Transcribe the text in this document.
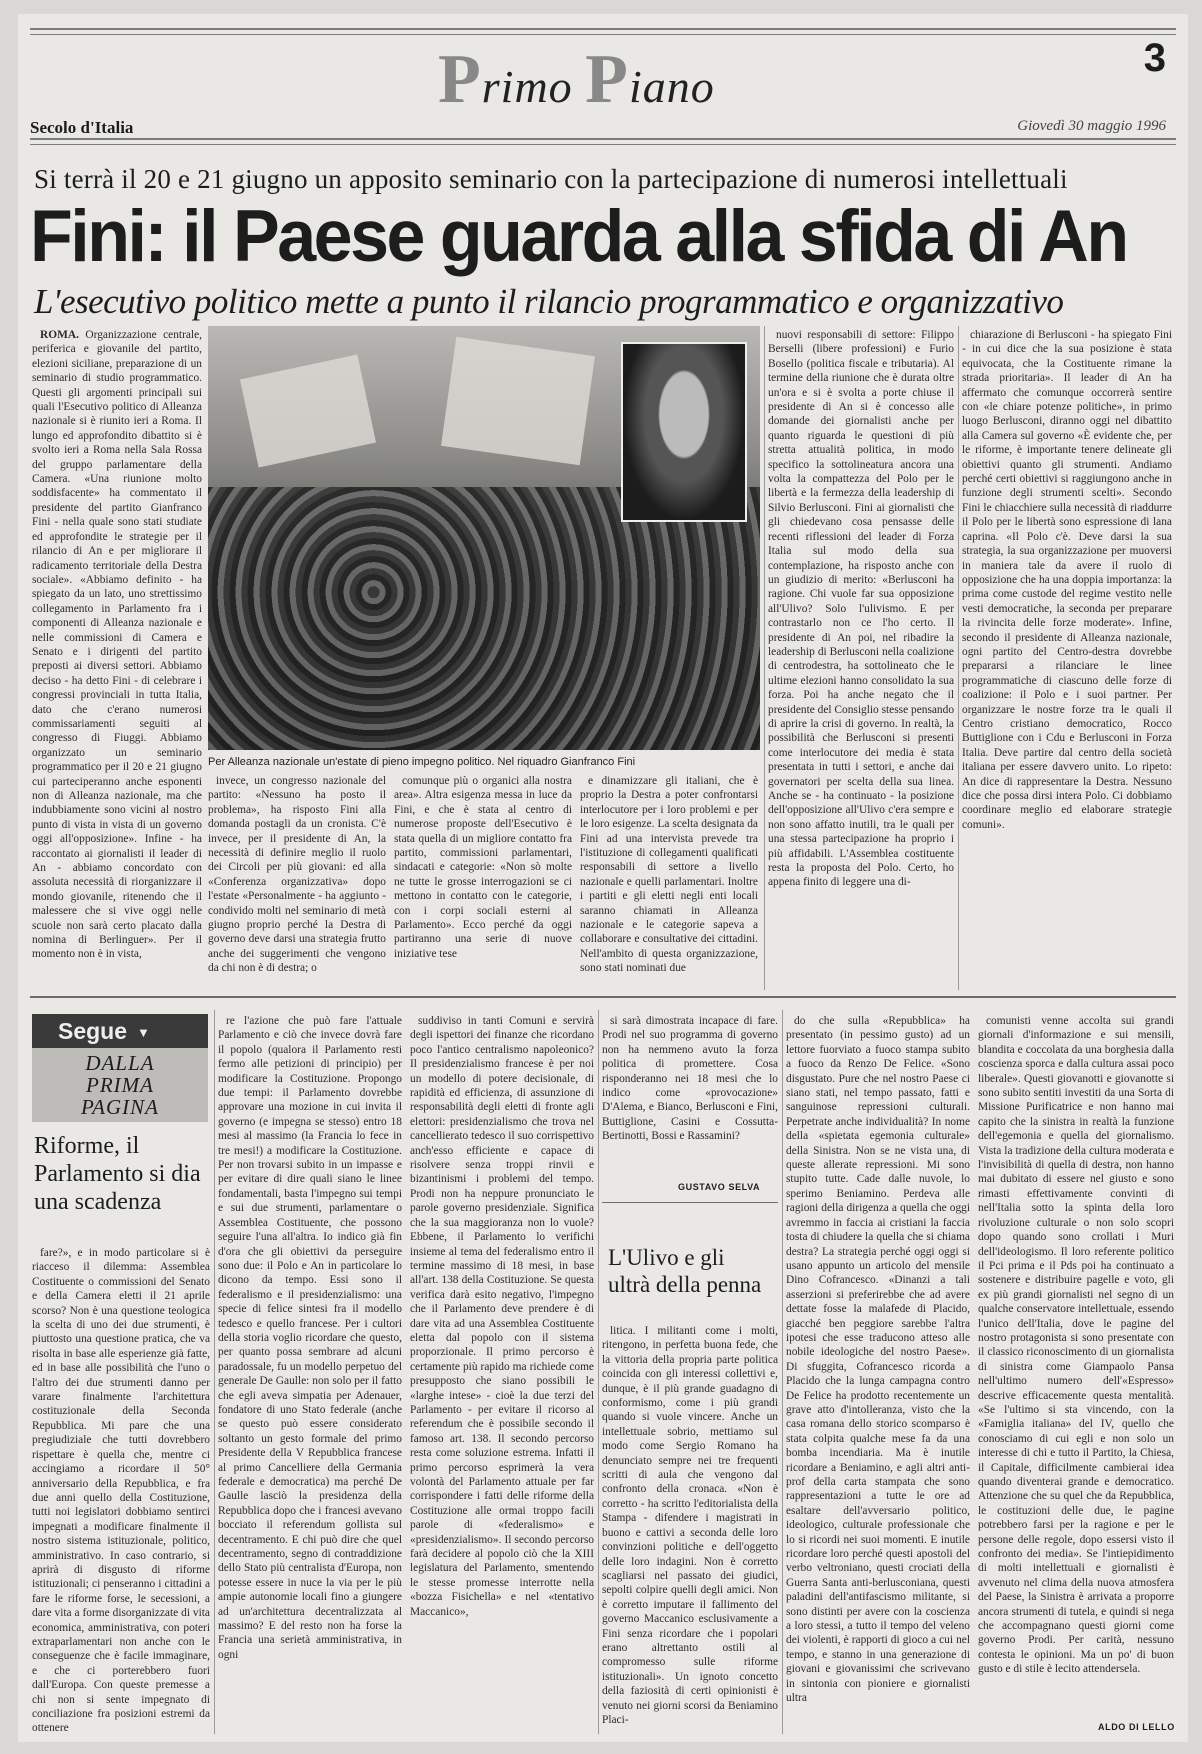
Primo Piano
3
Secolo d'Italia	Giovedì 30 maggio 1996
Si terrà il 20 e 21 giugno un apposito seminario con la partecipazione di numerosi intellettuali
Fini: il Paese guarda alla sfida di An
L'esecutivo politico mette a punto il rilancio programmatico e organizzativo

ROMA. Organizzazione centrale, periferica e giovanile del partito, elezioni siciliane, preparazione di un seminario di studio programmatico. Questi gli argomenti principali sui quali l'Esecutivo politico di Alleanza nazionale si è riunito ieri a Roma. Il lungo ed approfondito dibattito si è svolto ieri a Roma nella Sala Rossa del gruppo parlamentare della Camera. «Una riunione molto soddisfacente» ha commentato il presidente del partito Gianfranco Fini - nella quale sono stati studiate ed approfondite le strategie per il rilancio di An e per migliorare il radicamento territoriale della Destra sociale». «Abbiamo definito - ha spiegato da un lato, uno strettissimo collegamento in Parlamento fra i componenti di Alleanza nazionale e nelle commissioni di Camera e Senato e i dirigenti del partito preposti ai diversi settori. Abbiamo deciso - ha detto Fini - di celebrare i congressi provinciali in tutta Italia, dato che c'erano numerosi commissariamenti seguiti al congresso di Fiuggi. Abbiamo organizzato un seminario programmatico per il 20 e 21 giugno cui parteciperanno anche esponenti non di Alleanza nazionale, ma che indubbiamente sono vicini al nostro punto di vista in vista di un governo oggi all'opposizione». Infine - ha raccontato ai giornalisti il leader di An - abbiamo concordato con assoluta necessità di riorganizzare il mondo giovanile, ritenendo che il malessere che si vive oggi nelle scuole non sarà certo placato dalla nomina di Berlinguer». Per il momento non è in vista,

Per Alleanza nazionale un'estate di pieno impegno politico. Nel riquadro Gianfranco Fini

invece, un congresso nazionale del partito: «Nessuno ha posto il problema», ha risposto Fini alla domanda postagli da un cronista. C'è invece, per il presidente di An, la necessità di definire meglio il ruolo dei Circoli per più giovani: ed alla «Conferenza organizzativa» dopo l'estate «Personalmente - ha aggiunto - condivido molti nel seminario di metà giugno proprio perché la Destra di governo deve darsi una strategia frutto anche dei suggerimenti che vengono da chi non è di destra; o

comunque più o organici alla nostra area». Altra esigenza messa in luce da Fini, e che è stata al centro di numerose proposte dell'Esecutivo è stata quella di un migliore contatto fra partito, commissioni parlamentari, sindacati e categorie: «Non sò molte ne tutte le grosse interrogazioni se ci mettono in contatto con le categorie, con i corpi sociali esterni al Parlamento». Ecco perché da oggi partiranno una serie di nuove iniziative tese

e dinamizzare gli italiani, che è proprio la Destra a poter confrontarsi interlocutore per i loro problemi e per le loro esigenze. La scelta designata da Fini ad una intervista prevede tra l'istituzione di collegamenti qualificati responsabili di settore a livello nazionale e quelli parlamentari. Inoltre i partiti e gli eletti negli enti locali saranno chiamati in Alleanza nazionale e le categorie sapeva a collaborare e consultative dei cittadini. Nell'ambito di questa organizzazione, sono stati nominati due

nuovi responsabili di settore: Filippo Berselli (libere professioni) e Furio Bosello (politica fiscale e tributaria). Al termine della riunione che è durata oltre un'ora e si è svolta a porte chiuse il presidente di An si è concesso alle domande dei giornalisti anche per quanto riguarda le questioni di più stretta attualità politica, in modo specifico la sottolineatura ancora una volta la compattezza del Polo per le libertà e la fermezza della leadership di Silvio Berlusconi. Fini ai giornalisti che gli chiedevano cosa pensasse delle recenti riflessioni del leader di Forza Italia sul modo della sua contemplazione, ha risposto anche con un giudizio di merito: «Berlusconi ha ragione. Chi vuole far sua opposizione all'Ulivo? Solo l'ulivismo. E per contrastarlo non ce l'ho certo. Il presidente di An poi, nel ribadire la leadership di Berlusconi nella coalizione di centrodestra, ha sottolineato che le ultime elezioni hanno consolidato la sua forza. Poi ha anche negato che il presidente del Consiglio stesse pensando di aprire la crisi di governo. In realtà, la possibilità che Berlusconi si presenti come interlocutore dei media è stata presentata in tutti i settori, e anche dai governatori per scelta della sua linea. Anche se - ha continuato - la posizione dell'opposizione all'Ulivo c'era sempre e non sono affatto inutili, tra le quali per una stessa partecipazione ha proprio i più affidabili. L'Assemblea costituente resta la proposta del Polo. Certo, ho appena finito di leggere una di-

chiarazione di Berlusconi - ha spiegato Fini - in cui dice che la sua posizione è stata equivocata, che la Costituente rimane la strada prioritaria». Il leader di An ha affermato che comunque occorrerà sentire con «le chiare potenze politiche», in primo luogo Berlusconi, diranno oggi nel dibattito alla Camera sul governo «È evidente che, per le riforme, è importante tenere delineate gli obiettivi quanto gli strumenti. Andiamo perché certi obiettivi si raggiungono anche in funzione degli strumenti scelti». Secondo Fini le chiacchiere sulla necessità di riaddurre il Polo per le libertà sono espressione di lana caprina. «Il Polo c'è. Deve darsi la sua strategia, la sua organizzazione per muoversi in maniera tale da avere il ruolo di opposizione che ha una doppia importanza: la prima come custode del regime vestito nelle vesti democratiche, la seconda per preparare la rivincita delle forze moderate». Infine, secondo il presidente di Alleanza nazionale, ogni partito del Centro-destra dovrebbe prepararsi a rilanciare le linee programmatiche di ciascuno delle forze di coalizione: il Polo e i suoi partner. Per organizzare le nostre forze tra le quali il Centro cristiano democratico, Rocco Buttiglione con i Cdu e Berlusconi in Forza Italia. Deve partire dal centro della società italiana per essere davvero unito. Lo ripeto: An dice di rappresentare la Destra. Nessuno dice che possa dirsi intera Polo. Ci dobbiamo coordinare meglio ed elaborare strategie comuni».

Segue ▼
DALLA
PRIMA
PAGINA
Riforme, il Parlamento si dia una scadenza

fare?», e in modo particolare si è riacceso il dilemma: Assemblea Costituente o commissioni del Senato e della Camera eletti il 21 aprile scorso? Non è una questione teologica la scelta di uno dei due strumenti, è piuttosto una questione pratica, che va risolta in base alle esperienze già fatte, ed in base alle possibilità che l'uno o l'altro dei due strumenti danno per varare finalmente l'architettura costituzionale della Seconda Repubblica. Mi pare che una pregiudiziale che tutti dovrebbero rispettare è quella che, mentre ci accingiamo a ricordare il 50° anniversario della Repubblica, e fra due anni quello della Costituzione, tutti noi legislatori dobbiamo sentirci impegnati a modificare finalmente il nostro sistema istituzionale, politico, amministrativo. In caso contrario, si aprirà di disgusto di riforme istituzionali; ci penseranno i cittadini a fare le riforme forse, le secessioni, a dare vita a forme disorganizzate di vita economica, amministrativa, con poteri extraparlamentari non anche con le conseguenze che è facile immaginare, e che ci porterebbero fuori dall'Europa. Con queste premesse a chi non si sente impegnato di conciliazione fra posizioni estremi da ottenere

re l'azione che può fare l'attuale Parlamento e ciò che invece dovrà fare il popolo (qualora il Parlamento resti fermo alle petizioni di principio) per modificare la Costituzione. Propongo due tempi: il Parlamento dovrebbe approvare una mozione in cui invita il governo (e impegna se stesso) entro 18 mesi al massimo (la Francia lo fece in tre mesi!) a modificare la Costituzione. Per non trovarsi subito in un impasse e per evitare di dire quali siano le linee fondamentali, basta l'impegno sui tempi e sui due strumenti, parlamentare o Assemblea Costituente, che possono seguire l'una all'altra. Io indico già fin d'ora che gli obiettivi da perseguire sono due: il Polo e An in particolare lo dicono da tempo. Essi sono il federalismo e il presidenzialismo: una specie di felice sintesi fra il modello tedesco e quello francese. Per i cultori della storia voglio ricordare che questo, per quanto possa sembrare ad alcuni paradossale, fu un modello perpetuo del generale De Gaulle: non solo per il fatto che egli aveva simpatia per Adenauer, fondatore di uno Stato federale (anche se questo può essere considerato soltanto un gesto formale del primo Presidente della V Repubblica francese al primo Cancelliere della Germania federale e democratica) ma perché De Gaulle lasciò la presidenza della Repubblica dopo che i francesi avevano bocciato il referendum gollista sul decentramento. E chi può dire che quel decentramento, segno di contraddizione dello Stato più centralista d'Europa, non potesse essere in nuce la via per le più ampie autonomie locali fino a giungere ad un'architettura decentralizzata al massimo? E del resto non ha forse la Francia una serietà amministrativa, in ogni

suddiviso in tanti Comuni e servirà degli ispettori dei finanze che ricordano poco l'antico centralismo napoleonico? Il presidenzialismo francese è per noi un modello di potere decisionale, di rapidità ed efficienza, di assunzione di responsabilità degli eletti di fronte agli elettori: presidenzialismo che trova nel cancellierato tedesco il suo corrispettivo anch'esso efficiente e capace di risolvere senza troppi rinvii e bizantinismi i problemi del tempo. Prodi non ha neppure pronunciato le parole governo presidenziale. Significa che la sua maggioranza non lo vuole? Ebbene, il Parlamento lo verifichi insieme al tema del federalismo entro il termine massimo di 18 mesi, in base all'art. 138 della Costituzione. Se questa verifica darà esito negativo, l'impegno che il Parlamento deve prendere è di dare vita ad una Assemblea Costituente eletta dal popolo con il sistema proporzionale. Il primo percorso è certamente più rapido ma richiede come presupposto che siano possibili le «larghe intese» - cioè la due terzi del Parlamento - per evitare il ricorso al referendum che è possibile secondo il famoso art. 138. Il secondo percorso resta come soluzione estrema. Infatti il primo percorso esprimerà la vera volontà del Parlamento attuale per far corrispondere i fatti delle riforme della Costituzione alle ormai troppo facili parole di «federalismo» e «presidenzialismo». Il secondo percorso farà decidere al popolo ciò che la XIII legislatura del Parlamento, smentendo le stesse promesse interrotte nella «bozza Fisichella» e nel «tentativo Maccanico»,

si sarà dimostrata incapace di fare. Prodi nel suo programma di governo non ha nemmeno avuto la forza politica di promettere. Cosa risponderanno nei 18 mesi che lo indico come «provocazione» D'Alema, e Bianco, Berlusconi e Fini, Buttiglione, Casini e Cossutta-Bertinotti, Bossi e Rassamini?

GUSTAVO SELVA
L'Ulivo e gli ultrà della penna

litica. I militanti come i molti, ritengono, in perfetta buona fede, che la vittoria della propria parte politica coincida con gli interessi collettivi e, dunque, è il più grande guadagno di conformismo, come i più grandi quando si vuole vincere. Anche un intellettuale sobrio, mettiamo sul modo come Sergio Romano ha denunciato sempre nei tre frequenti scritti di aula che vengono dal confronto della cronaca. «Non è corretto - ha scritto l'editorialista della Stampa - difendere i magistrati in buono e cattivi a seconda delle loro convinzioni politiche e dell'oggetto delle loro indagini. Non è corretto scagliarsi nel passato dei giudici, sepolti colpire quelli degli amici. Non è corretto imputare il fallimento del governo Maccanico esclusivamente a Fini senza ricordare che i popolari erano altrettanto ostili al compromesso sulle riforme istituzionali». Un ignoto concetto della faziosità di certi opinionisti è venuto nei giorni scorsi da Beniamino Placi-

do che sulla «Repubblica» ha presentato (in pessimo gusto) ad un lettore fuorviato a fuoco stampa subito a fuoco da Renzo De Felice. «Sono disgustato. Pure che nel nostro Paese ci siano stati, nel tempo passato, fatti e sanguinose repressioni culturali. Perpetrate anche individualità? In nome della «spietata egemonia culturale» della Sinistra. Non se ne vista una, di queste allerate repressioni. Mi sono stupito tutte. Cade dalle nuvole, lo sperimo Beniamino. Perdeva alle ragioni della dirigenza a quella che oggi avremmo in faccia ai cristiani la faccia tosta di chiudere la quella che si chiama destra? La strategia perché oggi oggi si usano appunto un articolo del mensile Dino Cofrancesco. «Dinanzi a tali asserzioni si preferirebbe che ad avere dettate fosse la malafede di Placido, giacché ben peggiore sarebbe l'altra ipotesi che esse traducono atteso alle nobile ideologiche del nostro Paese». Di sfuggita, Cofrancesco ricorda a Placido che la lunga campagna contro De Felice ha prodotto recentemente un grave atto d'intolleranza, visto che la casa romana dello storico scomparso è stata colpita qualche mese fa da una bomba incendiaria. Ma è inutile ricordare a Beniamino, e agli altri anti-prof della carta stampata che sono rappresentazioni a tutte le ore ad esaltare dell'avversario politico, ideologico, culturale professionale che lo si ricordi nei suoi momenti. E inutile ricordare loro perché questi apostoli del verbo veltroniano, questi crociati della Guerra Santa anti-berlusconiana, questi paladini dell'antifascismo militante, si sono distinti per avere con la coscienza a loro stessi, a tutto il tempo del veleno dei violenti, è rapporti di gioco a cui nel tempo, e stanno in una generazione di giovani e giovanissimi che scrivevano in sintonia con pioniere e giornalisti ultra

comunisti venne accolta sui grandi giornali d'informazione e sui mensili, blandita e coccolata da una borghesia dalla coscienza sporca e dalla cultura assai poco liberale». Questi giovanotti e giovanotte si sono subito sentiti investiti da una Sorta di Missione Purificatrice e non hanno mai capito che la sinistra in realtà la funzione dell'egemonia e quella del giornalismo. Vista la tradizione della cultura moderata e l'invisibilità di quella di destra, non hanno mai dubitato di essere nel giusto e sono rimasti effettivamente convinti di nell'Italia sotto la spinta della loro rivoluzione culturale o non solo scopri dopo quando sono crollati i Muri dell'ideologismo. Il loro referente politico il Pci prima e il Pds poi ha continuato a sostenere e distribuire pagelle e voto, gli ex più grandi giornalisti nel segno di un qualche conservatore intellettuale, essendo l'unico dell'Italia, dove le pagine del nostro protagonista si sono presentate con il classico riconoscimento di un giornalista di sinistra come Giampaolo Pansa nell'ultimo numero dell'«Espresso» descrive efficacemente questa mentalità. «Se l'ultimo si sta vincendo, con la «Famiglia italiana» del IV, quello che conosciamo di cui egli e non solo un interesse di chi e tutto il Partito, la Chiesa, il Capitale, difficilmente cambierai idea quando diventerai grande e democratico. Attenzione che su quel che da Repubblica, le costituzioni delle due, le pagine potrebbero farsi per la ragione e per le persone delle regole, dopo essersi visto il confronto dei media». Se l'intiepidimento di molti intellettuali e giornalisti è avvenuto nel clima della nuova atmosfera del Paese, la Sinistra è arrivata a proporre ancora strumenti di tutela, e quindi si nega che accompagnano questi giorni come governo Prodi. Per carità, nessuno contesta le opinioni. Ma un po' di buon gusto e di stile è lecito attendersela.

ALDO DI LELLO
